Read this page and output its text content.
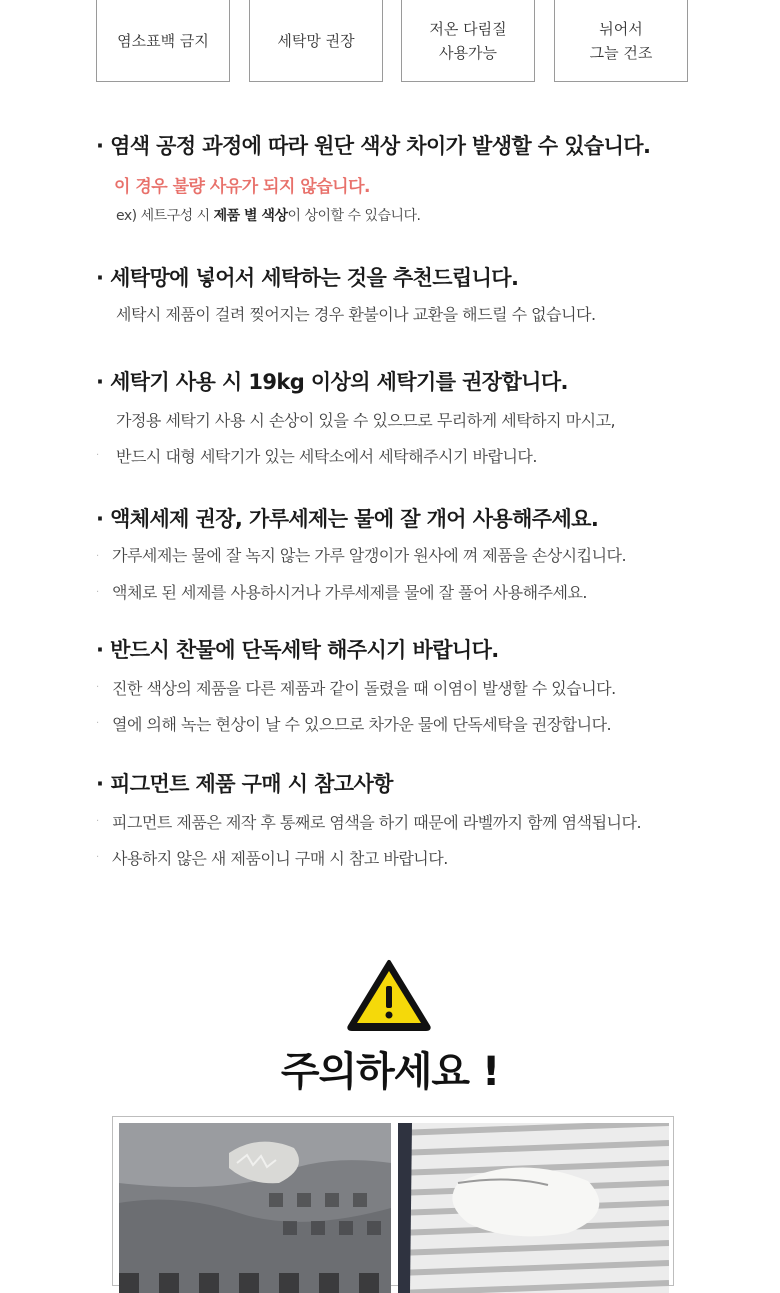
염소표백 금지	세탁망 권장
저온 다림질
사용가능
뉘어서
그늘 건조
· 염색 공정 과정에 따라 원단 색상 차이가 발생할 수 있습니다.
이 경우 불량 사유가 되지 않습니다.
ex) 세트구성 시 제품 별 색상이 상이할 수 있습니다.
· 세탁망에 넣어서 세탁하는 것을 추천드립니다.
세탁시 제품이 걸려 찢어지는 경우 환불이나 교환을 해드릴 수 없습니다.
· 세탁기 사용 시 19kg 이상의 세탁기를 권장합니다.
가정용 세탁기 사용 시 손상이 있을 수 있으므로 무리하게 세탁하지 마시고,
· 반드시 대형 세탁기가 있는 세탁소에서 세탁해주시기 바랍니다.
· 액체세제 권장, 가루세제는 물에 잘 개어 사용해주세요.
· 가루세제는 물에 잘 녹지 않는 가루 알갱이가 원사에 껴 제품을 손상시킵니다.
· 액체로 된 세제를 사용하시거나 가루세제를 물에 잘 풀어 사용해주세요.
· 반드시 찬물에 단독세탁 해주시기 바랍니다.
· 진한 색상의 제품을 다른 제품과 같이 돌렸을 때 이염이 발생할 수 있습니다.
· 열에 의해 녹는 현상이 날 수 있으므로 차가운 물에 단독세탁을 권장합니다.
· 피그먼트 제품 구매 시 참고사항
· 피그먼트 제품은 제작 후 통째로 염색을 하기 때문에 라벨까지 함께 염색됩니다.
· 사용하지 않은 새 제품이니 구매 시 참고 바랍니다.
주의하세요 !
